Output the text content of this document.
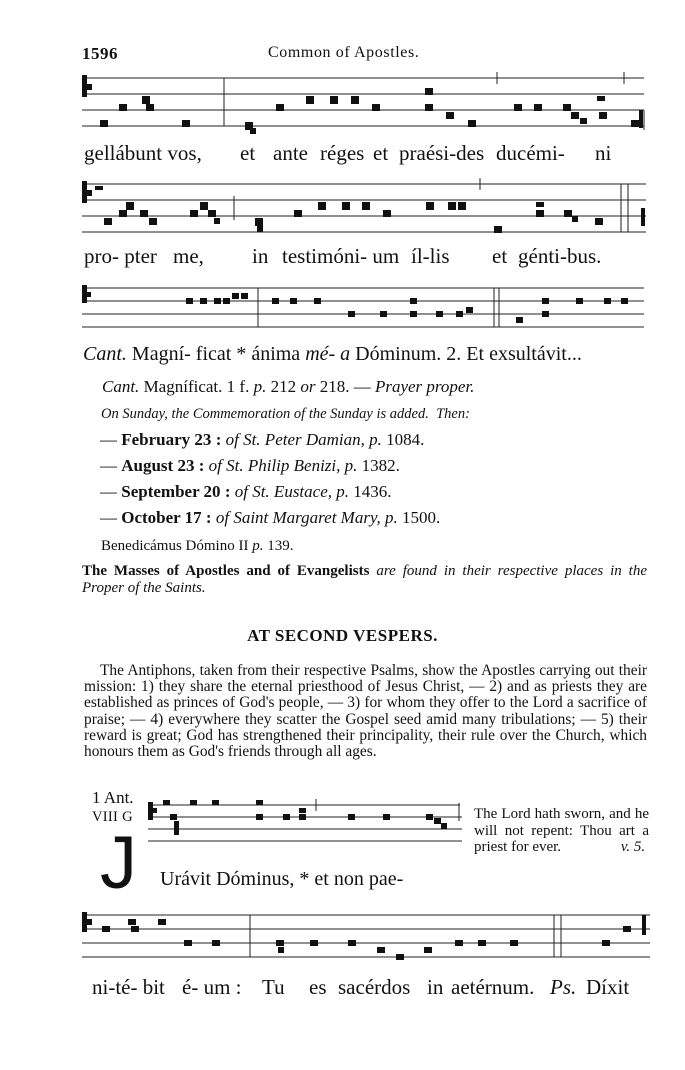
1596	Common of Apostles.
gellábunt vos, et ante réges et praési-des ducémi- ni
pro- pter me, in testimóni- um íl-lis et génti-bus.
Cant. Magní- ficat * ánima mé- a Dóminum. 2. Et exsultávit...
Cant. Magníficat. 1 f. p. 212 or 218. — Prayer proper.
On Sunday, the Commemoration of the Sunday is added. Then:
— February 23 : of St. Peter Damian, p. 1084.
— August 23 : of St. Philip Benizi, p. 1382.
— September 20 : of St. Eustace, p. 1436.
— October 17 : of Saint Margaret Mary, p. 1500.
Benedicámus Dómino II p. 139.
The Masses of Apostles and of Evangelists are found in their respective places in the Proper of the Saints.
AT SECOND VESPERS.
The Antiphons, taken from their respective Psalms, show the Apostles carrying out their mission: 1) they share the eternal priesthood of Jesus Christ, — 2) and as priests they are established as princes of God's people, — 3) for whom they offer to the Lord a sacrifice of praise; — 4) everywhere they scatter the Gospel seed amid many tribulations; — 5) their reward is great; God has strengthened their principality, their rule over the Church, which honours them as God's friends through all ages.
1 Ant.
VIII G
J Urávit Dóminus, * et non pae-
The Lord hath sworn, and he will not repent: Thou art a priest for ever.	v. 5.
ni-té- bit é- um : Tu es sacérdos in aetérnum. Ps. Díxit
